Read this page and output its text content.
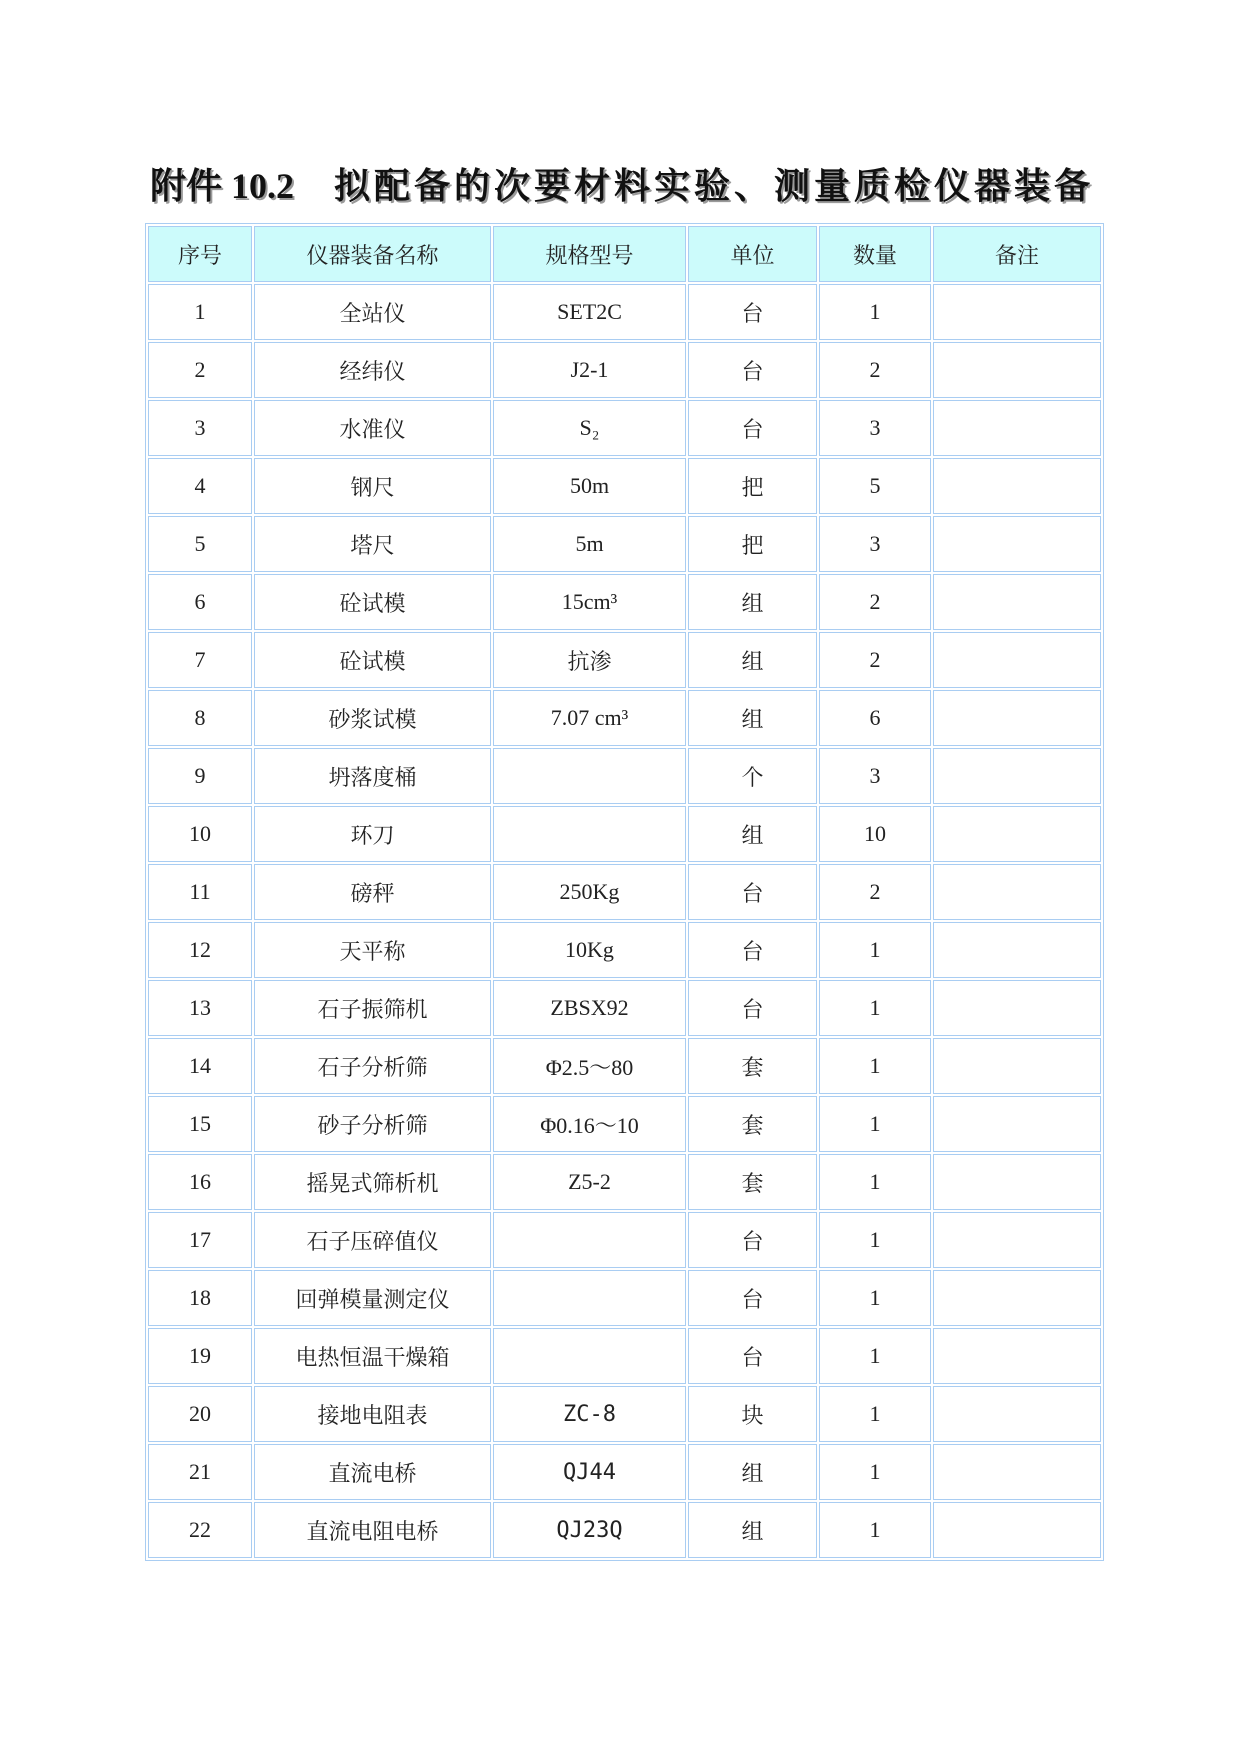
附件 10.2 拟配备的次要材料实验、测量质检仪器装备
序号	仪器装备名称	规格型号	单位	数量	备注
1	全站仪	SET2C	台	1	
2	经纬仪	J2-1	台	2	
3	水准仪	S₂	台	3	
4	钢尺	50m	把	5	
5	塔尺	5m	把	3	
6	砼试模	15cm³	组	2	
7	砼试模	抗渗	组	2	
8	砂浆试模	7.07 cm³	组	6	
9	坍落度桶		个	3	
10	环刀		组	10	
11	磅秤	250Kg	台	2	
12	天平称	10Kg	台	1	
13	石子振筛机	ZBSX92	台	1	
14	石子分析筛	Φ2.5～80	套	1	
15	砂子分析筛	Φ0.16～10	套	1	
16	摇晃式筛析机	Z5-2	套	1	
17	石子压碎值仪		台	1	
18	回弹模量测定仪		台	1	
19	电热恒温干燥箱		台	1	
20	接地电阻表	ZC-8	块	1	
21	直流电桥	QJ44	组	1	
22	直流电阻电桥	QJ23Q	组	1	
